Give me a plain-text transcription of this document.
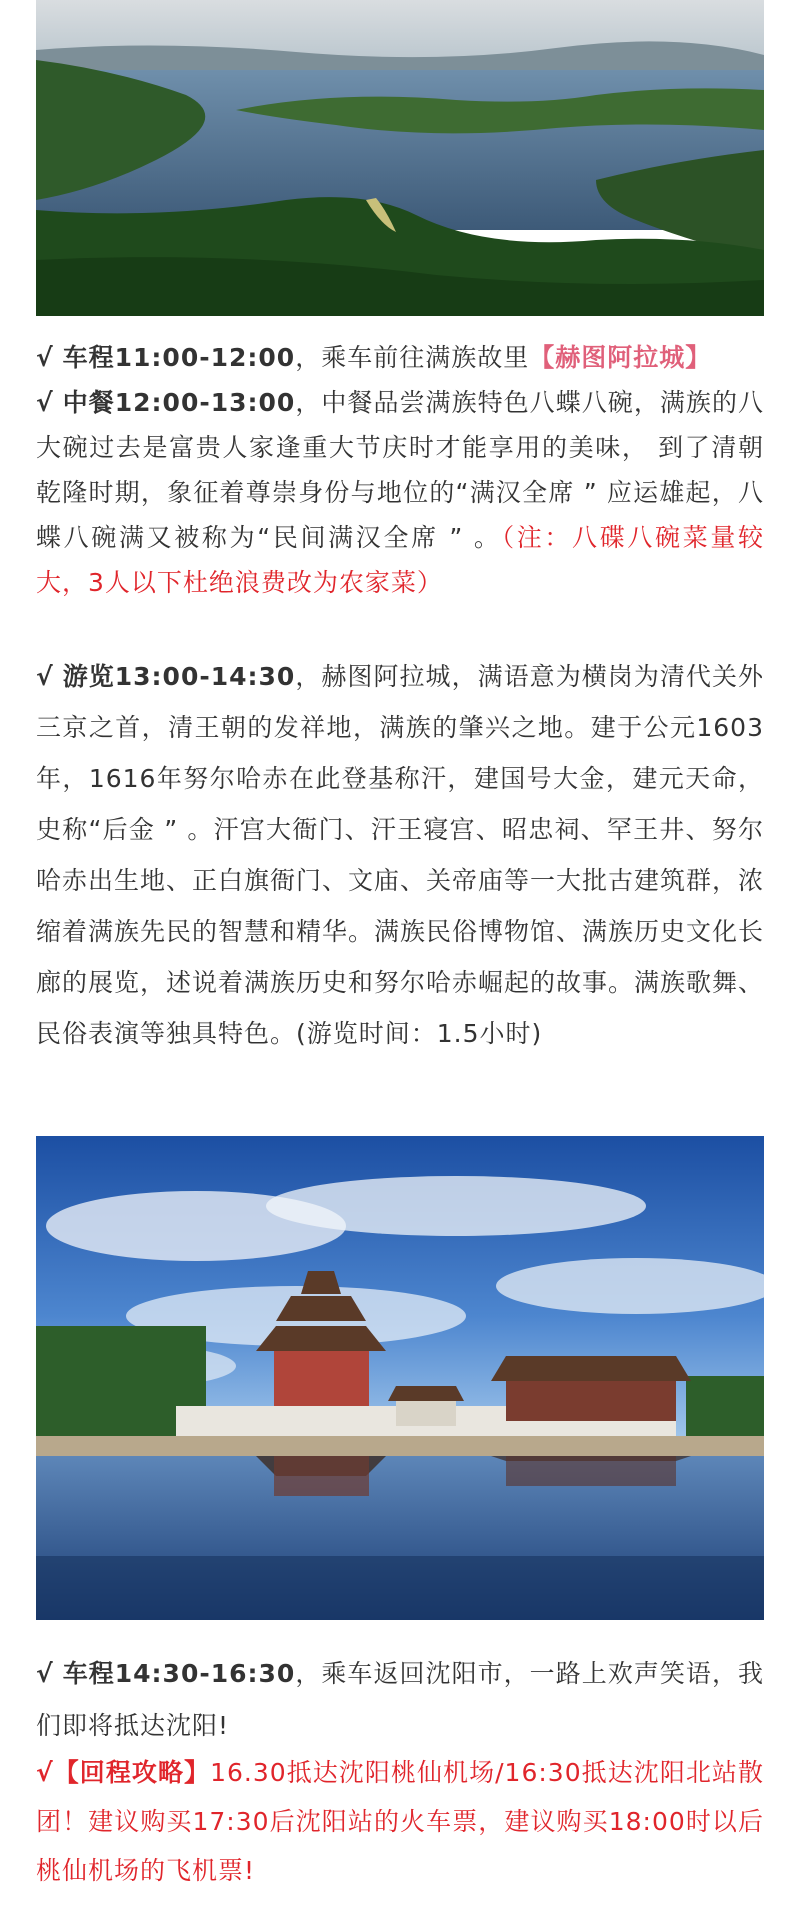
√ 车程11:00-12:00，乘车前往满族故里【赫图阿拉城】

√ 中餐12:00-13:00，中餐品尝满族特色八蝶八碗，满族的八大碗过去是富贵人家逢重大节庆时才能享用的美味， 到了清朝乾隆时期，象征着尊崇身份与地位的“满汉全席 ” 应运雄起，八蝶八碗满又被称为“民间满汉全席 ” 。（注：八碟八碗菜量较大，3人以下杜绝浪费改为农家菜）

√ 游览13:00-14:30，赫图阿拉城，满语意为横岗为清代关外三京之首，清王朝的发祥地，满族的肇兴之地。建于公元1603年，1616年努尔哈赤在此登基称汗，建国号大金，建元天命，史称“后金 ” 。汗宫大衙门、汗王寝宫、昭忠祠、罕王井、努尔哈赤出生地、正白旗衙门、文庙、关帝庙等一大批古建筑群，浓缩着满族先民的智慧和精华。满族民俗博物馆、满族历史文化长廊的展览，述说着满族历史和努尔哈赤崛起的故事。满族歌舞、民俗表演等独具特色。(游览时间：1.5小时)

√ 车程14:30-16:30，乘车返回沈阳市，一路上欢声笑语，我们即将抵达沈阳!

√【回程攻略】16.30抵达沈阳桃仙机场/16:30抵达沈阳北站散团！建议购买17:30后沈阳站的火车票，建议购买18:00时以后桃仙机场的飞机票!
